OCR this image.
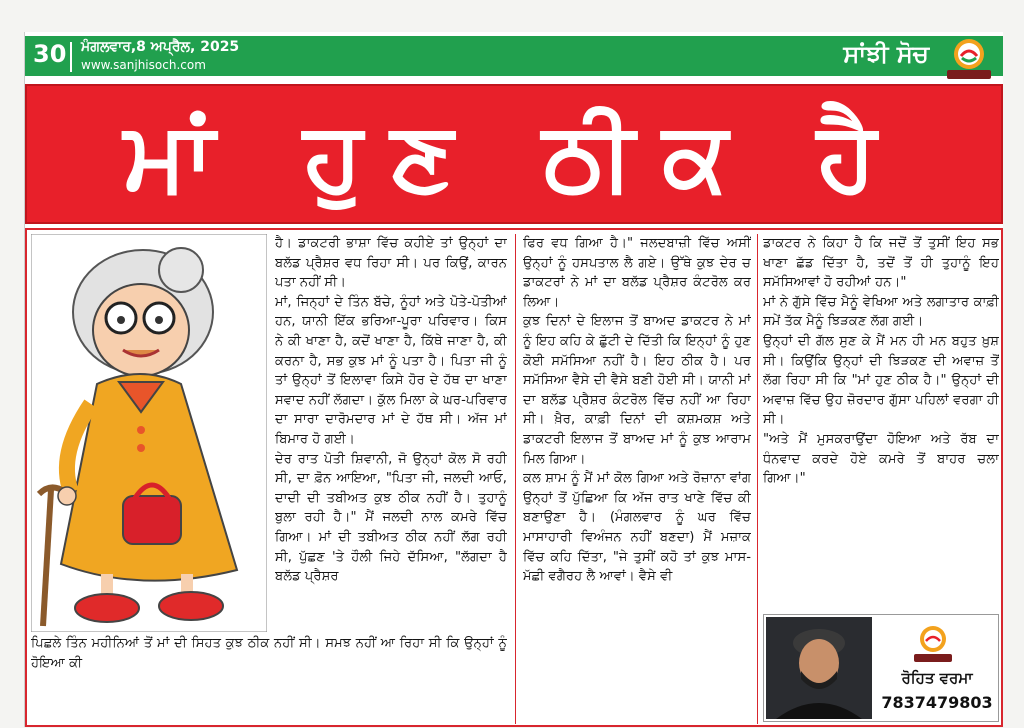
30 ਮੰਗਲਵਾਰ,8 ਅਪ੍ਰੈਲ, 2025
www.sanjhisoch.com	ਸਾਂਝੀ ਸੋਚ
ਮਾਂ ਹੁਣ ਠੀਕ ਹੈ

ਹੈ। ਡਾਕਟਰੀ ਭਾਸ਼ਾ ਵਿੱਚ ਕਹੀਏ ਤਾਂ ਉਨ੍ਹਾਂ ਦਾ ਬਲੱਡ ਪ੍ਰੈਸ਼ਰ ਵਧ ਰਿਹਾ ਸੀ। ਪਰ ਕਿਉਂ, ਕਾਰਨ ਪਤਾ ਨਹੀਂ ਸੀ।

ਮਾਂ, ਜਿਨ੍ਹਾਂ ਦੇ ਤਿੰਨ ਬੱਚੇ, ਨੂੰਹਾਂ ਅਤੇ ਪੋਤੇ-ਪੋਤੀਆਂ ਹਨ, ਯਾਨੀ ਇੱਕ ਭਰਿਆ-ਪੂਰਾ ਪਰਿਵਾਰ। ਕਿਸ ਨੇ ਕੀ ਖਾਣਾ ਹੈ, ਕਦੋਂ ਖਾਣਾ ਹੈ, ਕਿੱਥੇ ਜਾਣਾ ਹੈ, ਕੀ ਕਰਨਾ ਹੈ, ਸਭ ਕੁਝ ਮਾਂ ਨੂੰ ਪਤਾ ਹੈ। ਪਿਤਾ ਜੀ ਨੂੰ ਤਾਂ ਉਨ੍ਹਾਂ ਤੋਂ ਇਲਾਵਾ ਕਿਸੇ ਹੋਰ ਦੇ ਹੱਥ ਦਾ ਖਾਣਾ ਸਵਾਦ ਨਹੀਂ ਲੱਗਦਾ। ਕੁੱਲ ਮਿਲਾ ਕੇ ਘਰ-ਪਰਿਵਾਰ ਦਾ ਸਾਰਾ ਦਾਰੋਮਦਾਰ ਮਾਂ ਦੇ ਹੱਥ ਸੀ। ਅੱਜ ਮਾਂ ਬਿਮਾਰ ਹੋ ਗਈ।

ਦੇਰ ਰਾਤ ਪੋਤੀ ਸ਼ਿਵਾਨੀ, ਜੋ ਉਨ੍ਹਾਂ ਕੋਲ ਸੋ ਰਹੀ ਸੀ, ਦਾ ਫ਼ੋਨ ਆਇਆ, "ਪਿਤਾ ਜੀ, ਜਲਦੀ ਆਓ, ਦਾਦੀ ਦੀ ਤਬੀਅਤ ਕੁਝ ਠੀਕ ਨਹੀਂ ਹੈ। ਤੁਹਾਨੂੰ ਬੁਲਾ ਰਹੀ ਹੈ।" ਮੈਂ ਜਲਦੀ ਨਾਲ ਕਮਰੇ ਵਿੱਚ ਗਿਆ। ਮਾਂ ਦੀ ਤਬੀਅਤ ਠੀਕ ਨਹੀਂ ਲੱਗ ਰਹੀ ਸੀ, ਪੁੱਛਣ 'ਤੇ ਹੌਲੀ ਜਿਹੇ ਦੱਸਿਆ, "ਲੱਗਦਾ ਹੈ ਬਲੱਡ ਪ੍ਰੈਸ਼ਰ

ਪਿਛਲੇ ਤਿੰਨ ਮਹੀਨਿਆਂ ਤੋਂ ਮਾਂ ਦੀ ਸਿਹਤ ਕੁਝ ਠੀਕ ਨਹੀਂ ਸੀ। ਸਮਝ ਨਹੀਂ ਆ ਰਿਹਾ ਸੀ ਕਿ ਉਨ੍ਹਾਂ ਨੂੰ ਹੋਇਆ ਕੀ

ਫਿਰ ਵਧ ਗਿਆ ਹੈ।" ਜਲਦਬਾਜ਼ੀ ਵਿੱਚ ਅਸੀਂ ਉਨ੍ਹਾਂ ਨੂੰ ਹਸਪਤਾਲ ਲੈ ਗਏ। ਉੱਥੇ ਕੁਝ ਦੇਰ ਚ ਡਾਕਟਰਾਂ ਨੇ ਮਾਂ ਦਾ ਬਲੱਡ ਪ੍ਰੈਸ਼ਰ ਕੰਟਰੋਲ ਕਰ ਲਿਆ।

ਕੁਝ ਦਿਨਾਂ ਦੇ ਇਲਾਜ ਤੋਂ ਬਾਅਦ ਡਾਕਟਰ ਨੇ ਮਾਂ ਨੂੰ ਇਹ ਕਹਿ ਕੇ ਛੁੱਟੀ ਦੇ ਦਿੱਤੀ ਕਿ ਇਨ੍ਹਾਂ ਨੂੰ ਹੁਣ ਕੋਈ ਸਮੱਸਿਆ ਨਹੀਂ ਹੈ। ਇਹ ਠੀਕ ਹੈ। ਪਰ ਸਮੱਸਿਆ ਵੈਸੇ ਦੀ ਵੈਸੇ ਬਣੀ ਹੋਈ ਸੀ। ਯਾਨੀ ਮਾਂ ਦਾ ਬਲੱਡ ਪ੍ਰੈਸ਼ਰ ਕੰਟਰੋਲ ਵਿੱਚ ਨਹੀਂ ਆ ਰਿਹਾ ਸੀ। ਖ਼ੈਰ, ਕਾਫ਼ੀ ਦਿਨਾਂ ਦੀ ਕਸ਼ਮਕਸ਼ ਅਤੇ ਡਾਕਟਰੀ ਇਲਾਜ ਤੋਂ ਬਾਅਦ ਮਾਂ ਨੂੰ ਕੁਝ ਆਰਾਮ ਮਿਲ ਗਿਆ।

ਕਲ ਸ਼ਾਮ ਨੂੰ ਮੈਂ ਮਾਂ ਕੋਲ ਗਿਆ ਅਤੇ ਰੋਜ਼ਾਨਾ ਵਾਂਗ ਉਨ੍ਹਾਂ ਤੋਂ ਪੁੱਛਿਆ ਕਿ ਅੱਜ ਰਾਤ ਖਾਣੇ ਵਿੱਚ ਕੀ ਬਣਾਉਣਾ ਹੈ। (ਮੰਗਲਵਾਰ ਨੂੰ ਘਰ ਵਿੱਚ ਮਾਸਾਹਾਰੀ ਵਿਅੰਜਨ ਨਹੀਂ ਬਣਦਾ) ਮੈਂ ਮਜ਼ਾਕ ਵਿੱਚ ਕਹਿ ਦਿੱਤਾ, "ਜੇ ਤੁਸੀਂ ਕਹੋ ਤਾਂ ਕੁਝ ਮਾਸ-ਮੱਛੀ ਵਗੈਰਹ ਲੈ ਆਵਾਂ। ਵੈਸੇ ਵੀ

ਡਾਕਟਰ ਨੇ ਕਿਹਾ ਹੈ ਕਿ ਜਦੋਂ ਤੋਂ ਤੁਸੀਂ ਇਹ ਸਭ ਖਾਣਾ ਛੱਡ ਦਿੱਤਾ ਹੈ, ਤਦੋਂ ਤੋਂ ਹੀ ਤੁਹਾਨੂੰ ਇਹ ਸਮੱਸਿਆਵਾਂ ਹੋ ਰਹੀਆਂ ਹਨ।"

ਮਾਂ ਨੇ ਗੁੱਸੇ ਵਿੱਚ ਮੈਨੂੰ ਵੇਖਿਆ ਅਤੇ ਲਗਾਤਾਰ ਕਾਫ਼ੀ ਸਮੇਂ ਤੱਕ ਮੈਨੂੰ ਝਿੜਕਣ ਲੱਗ ਗਈ।

ਉਨ੍ਹਾਂ ਦੀ ਗੱਲ ਸੁਣ ਕੇ ਮੈਂ ਮਨ ਹੀ ਮਨ ਬਹੁਤ ਖ਼ੁਸ਼ ਸੀ। ਕਿਉਂਕਿ ਉਨ੍ਹਾਂ ਦੀ ਝਿੜਕਣ ਦੀ ਅਵਾਜ਼ ਤੋਂ ਲੱਗ ਰਿਹਾ ਸੀ ਕਿ "ਮਾਂ ਹੁਣ ਠੀਕ ਹੈ।" ਉਨ੍ਹਾਂ ਦੀ ਅਵਾਜ਼ ਵਿੱਚ ਉਹ ਜ਼ੋਰਦਾਰ ਗੁੱਸਾ ਪਹਿਲਾਂ ਵਰਗਾ ਹੀ ਸੀ।

"ਅਤੇ ਮੈਂ ਮੁਸਕਰਾਉਂਦਾ ਹੋਇਆ ਅਤੇ ਰੱਬ ਦਾ ਧੰਨਵਾਦ ਕਰਦੇ ਹੋਏ ਕਮਰੇ ਤੋਂ ਬਾਹਰ ਚਲਾ ਗਿਆ।"

ਰੋਹਿਤ ਵਰਮਾ
7837479803
